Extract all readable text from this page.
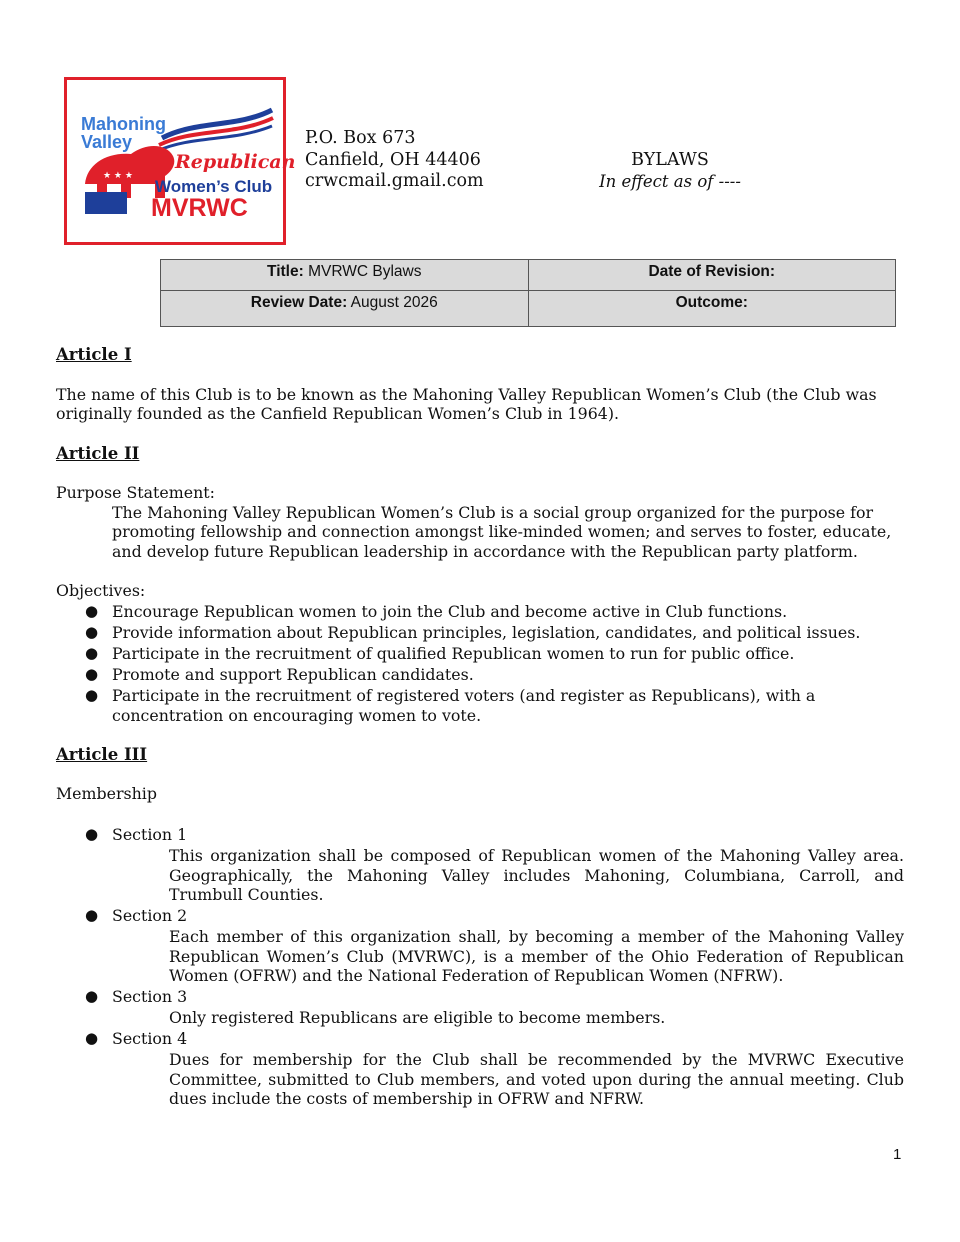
★ ★ ★
Mahoning
Valley
Republican
Women’s Club
MVRWC
P.O. Box 673
Canfield, OH 44406
crwcmail.gmail.com
BYLAWS
In effect as of ----
Title: MVRWC Bylaws	Date of Revision:
Review Date: August 2026	Outcome:

Article I

The name of this Club is to be known as the Mahoning Valley Republican Women’s Club (the Club was originally founded as the Canfield Republican Women’s Club in 1964).

Article II

Purpose Statement:

The Mahoning Valley Republican Women’s Club is a social group organized for the purpose for promoting fellowship and connection amongst like-minded women; and serves to foster, educate, and develop future Republican leadership in accordance with the Republican party platform.

Objectives:

● Encourage Republican women to join the Club and become active in Club functions.
● Provide information about Republican principles, legislation, candidates, and political issues.
● Participate in the recruitment of qualified Republican women to run for public office.
● Promote and support Republican candidates.
● Participate in the recruitment of registered voters (and register as Republicans), with a concentration on encouraging women to vote.

Article III

Membership

● Section 1

This organization shall be composed of Republican women of the Mahoning Valley area. Geographically, the Mahoning Valley includes Mahoning, Columbiana, Carroll, and Trumbull Counties.

● Section 2

Each member of this organization shall, by becoming a member of the Mahoning Valley Republican Women’s Club (MVRWC), is a member of the Ohio Federation of Republican Women (OFRW) and the National Federation of Republican Women (NFRW).

● Section 3

Only registered Republicans are eligible to become members.

● Section 4

Dues for membership for the Club shall be recommended by the MVRWC Executive Committee, submitted to Club members, and voted upon during the annual meeting. Club dues include the costs of membership in OFRW and NFRW.

1
